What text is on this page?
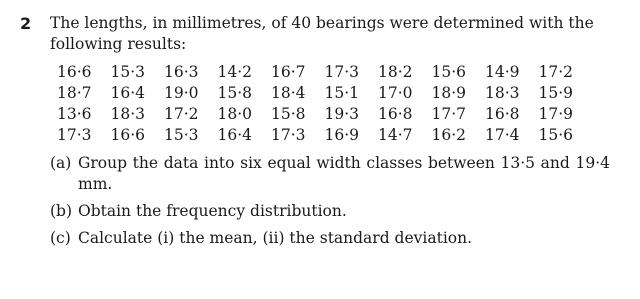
2 The lengths, in millimetres, of 40 bearings were determined with the following results:
16·6	15·3	16·3	14·2	16·7	17·3	18·2	15·6	14·9	17·2
18·7	16·4	19·0	15·8	18·4	15·1	17·0	18·9	18·3	15·9
13·6	18·3	17·2	18·0	15·8	19·3	16·8	17·7	16·8	17·9
17·3	16·6	15·3	16·4	17·3	16·9	14·7	16·2	17·4	15·6
(a) Group the data into six equal width classes between 13·5 and 19·4 mm.
(b) Obtain the frequency distribution.
(c) Calculate (i) the mean, (ii) the standard deviation.
